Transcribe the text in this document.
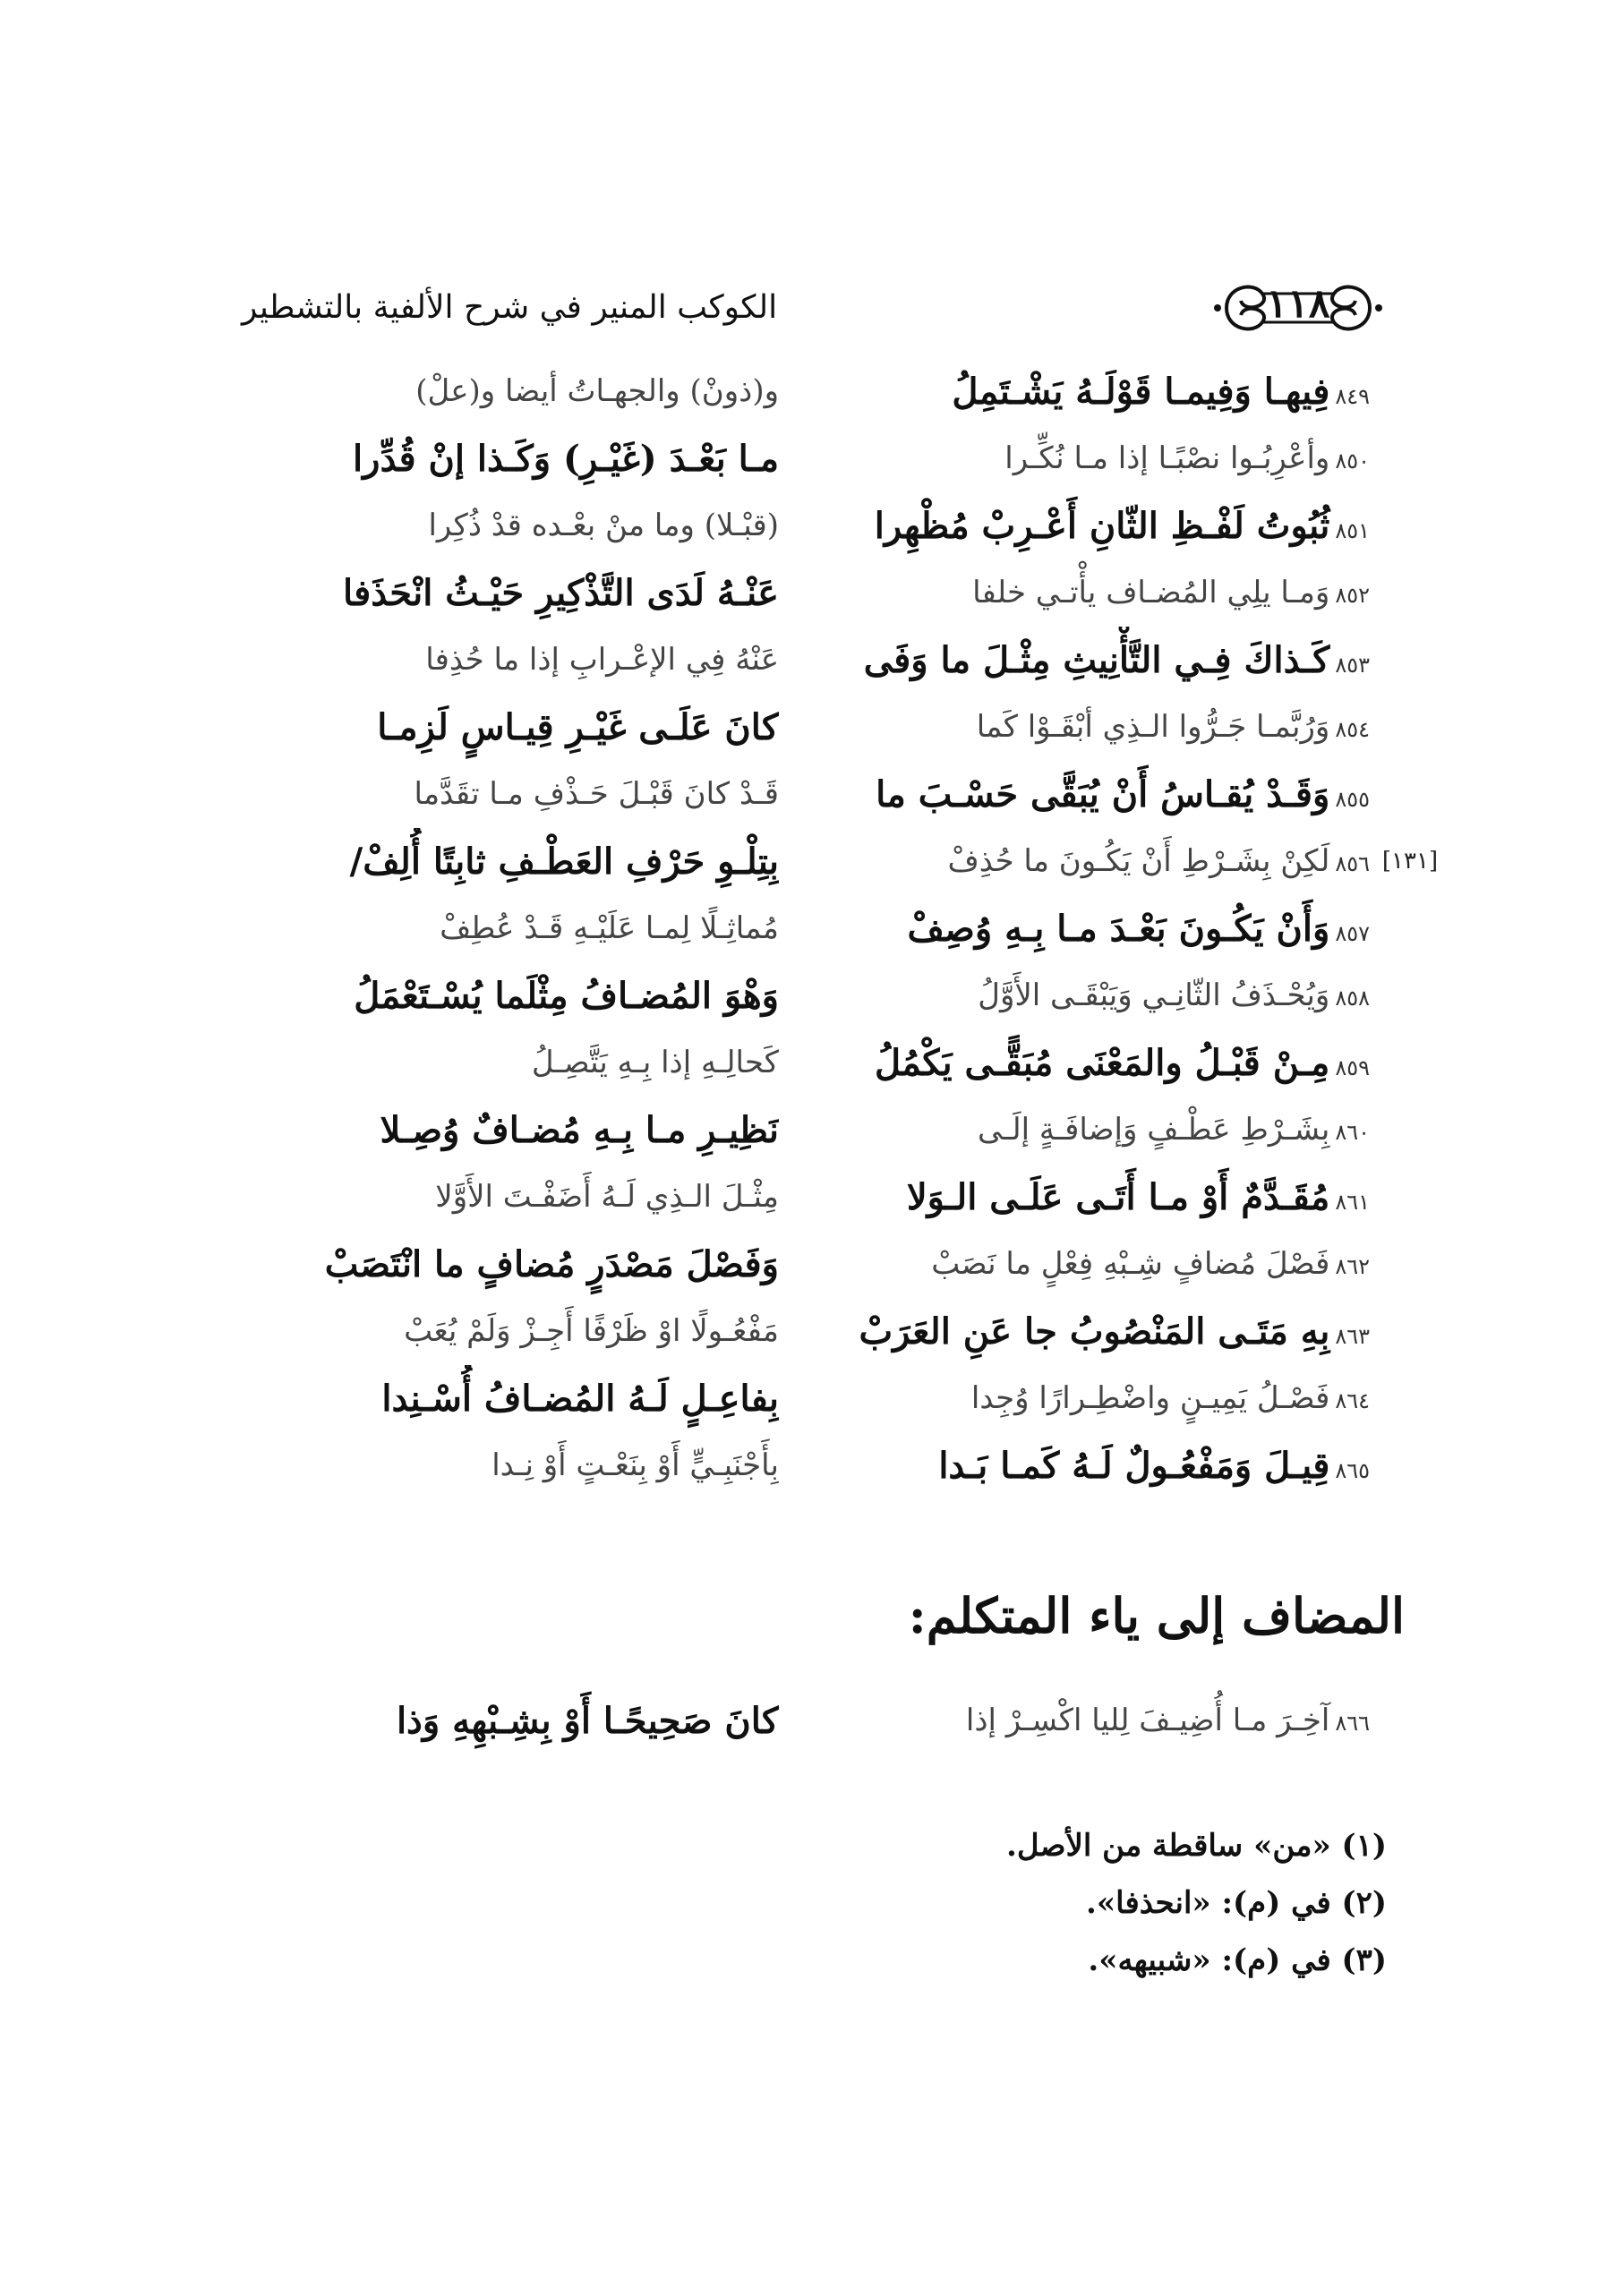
١١٨
الكوكب المنير في شرح الألفية بالتشطير
٨٤٩فِيهـا وَفِيمـا قَوْلَـهُ يَشْـتَمِلُ
و(ذونْ) والجهـاتُ أيضا و(علْ)
٨٥٠وأعْرِبُـوا نصْبًـا إذا مـا نُكِّـرا
مـا بَعْـدَ (غَيْـرِ) وَكَـذا إنْ قُدِّرا
٨٥١ثُبُوتُ لَفْـظِ الثّانِ أَعْـرِبْ مُظْهِرا
(قبْـلا) وما منْ بعْـده قدْ ذُكِرا
٨٥٢وَمـا يلِي المُضـاف يأْتـي خلفا
عَنْـهُ لَدَى التَّذْكِيرِ حَيْـثُ انْحَذَفا
٨٥٣كَـذاكَ فِـي التَّأْنِيثِ مِثْـلَ ما وَفَى
عَنْهُ فِي الإعْـرابِ إذا ما حُذِفا
٨٥٤وَرُبَّمـا جَـرُّوا الـذِي أبْقَـوْا كَما
كانَ عَلَـى غَيْـرِ قِيـاسٍ لَزِمـا
٨٥٥وَقَـدْ يُقـاسُ أَنْ يُبَقَّى حَسْـبَ ما
قَـدْ كانَ قَبْـلَ حَـذْفِ مـا تقَدَّما
[١٣١]
٨٥٦لَكِنْ بِشَـرْطِ أَنْ يَكُـونَ ما حُذِفْ
بِتِلْـوِ حَرْفِ العَطْـفِ ثابِتًا أُلِفْ/
٨٥٧وَأَنْ يَكُـونَ بَعْـدَ مـا بِـهِ وُصِفْ
مُماثِـلًا لِمـا عَلَيْـهِ قَـدْ عُطِفْ
٨٥٨وَيُحْـذَفُ الثّانِـي وَيَبْقَـى الأَوَّلُ
وَهْوَ المُضـافُ مِثْلَما يُسْـتَعْمَلُ
٨٥٩مِـنْ قَبْـلُ والمَعْنَى مُبَقًّـى يَكْمُلُ
كَحالِـهِ إذا بِـهِ يَتَّصِـلُ
٨٦٠بِشَـرْطِ عَطْـفٍ وَإضافَـةٍ إلَـى
نَظِيـرِ مـا بِـهِ مُضـافٌ وُصِـلا
٨٦١مُقَـدَّمٌ أَوْ مـا أَتَـى عَلَـى الـوَلا
مِثْـلَ الـذِي لَـهُ أَضَفْـتَ الأَوَّلا
٨٦٢فَصْلَ مُضافٍ شِـبْهِ فِعْلٍ ما نَصَبْ
وَفَصْلَ مَصْدَرٍ مُضافٍ ما انْتَصَبْ
٨٦٣بِهِ مَتَـى المَنْصُوبُ جا عَنِ العَرَبْ
مَفْعُـولًا اوْ ظَرْفًا أَجِـزْ وَلَمْ يُعَبْ
٨٦٤فَصْـلُ يَمِيـنٍ واضْطِـرارًا وُجِدا
بِفاعِـلٍ لَـهُ المُضـافُ أُسْـنِدا
٨٦٥قِيـلَ وَمَفْعُـولٌ لَـهُ كَمـا بَـدا
بِأَجْنَبِـيٍّ أَوْ بِنَعْـتٍ أَوْ نِـدا
المضاف إلى ياء المتكلم:
٨٦٦آخِـرَ مـا أُضِيـفَ لِليا اكْسِـرْ إذا
كانَ صَحِيحًـا أَوْ بِشِـبْهِهِ وَذا
(١) «من» ساقطة من الأصل.
(٢) في (م): «انحذفا».
(٣) في (م): «شبيهه».
